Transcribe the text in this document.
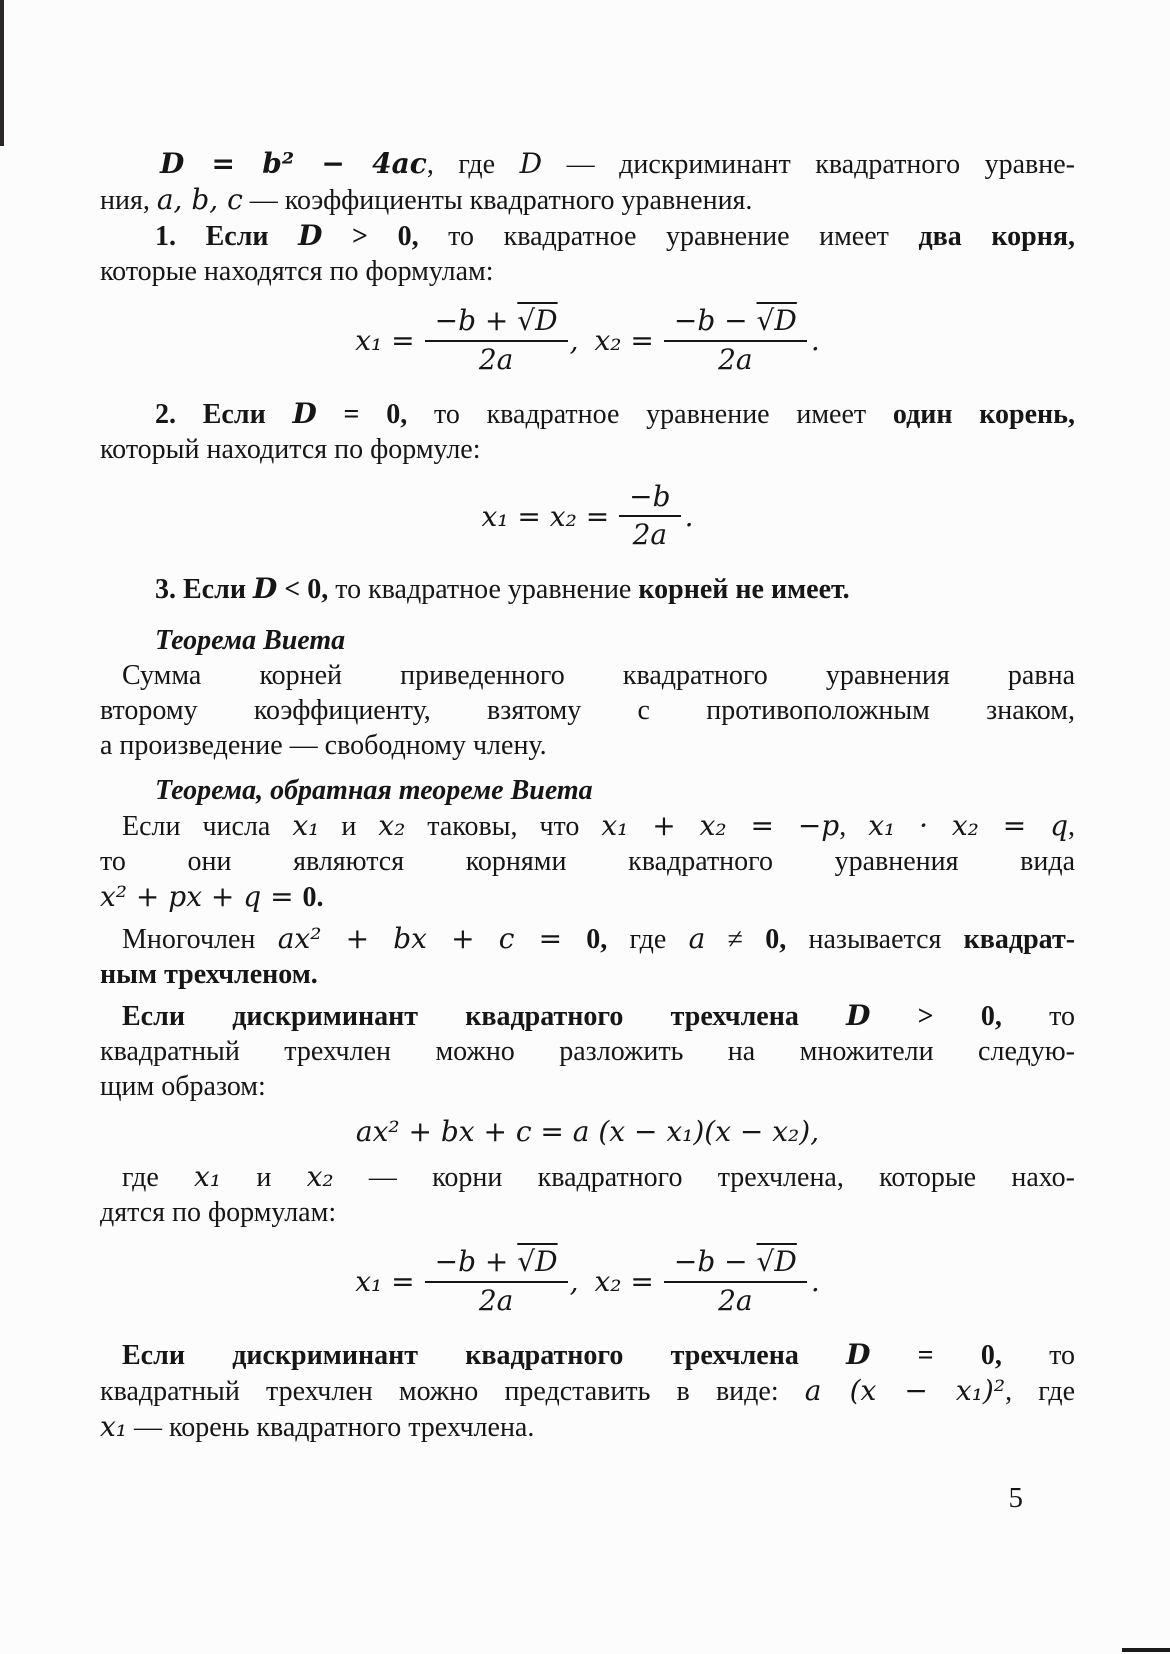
D = b² − 4ac, где D — дискриминант квадратного уравне-
ния, a, b, c — коэффициенты квадратного уравнения.
1. Если D > 0, то квадратное уравнение имеет два корня,
которые находятся по формулам:
$x_1 = \frac{-b + √D}{2a}$ , $x_2 = \frac{-b - √D}{2a}$ .
2. Если D = 0, то квадратное уравнение имеет один корень,
который находится по формуле:
$x_1 = x_2 = \frac{-b}{2a}$ .
3. Если D < 0, то квадратное уравнение корней не имеет.
Теорема Виета
Сумма корней приведенного квадратного уравнения равна
второму коэффициенту, взятому с противоположным знаком,
а произведение — свободному члену.
Теорема, обратная теореме Виета
Если числа x₁ и x₂ таковы, что x₁ + x₂ = −p, x₁ · x₂ = q,
то они являются корнями квадратного уравнения вида
x² + px + q = 0.
Многочлен ax² + bx + c = 0, где a ≠ 0, называется квадрат-
ным трехчленом.
Если дискриминант квадратного трехчлена D > 0, то
квадратный трехчлен можно разложить на множители следую-
щим образом:
ax² + bx + c = a (x − x₁)(x − x₂),
где x₁ и x₂ — корни квадратного трехчлена, которые нахо-
дятся по формулам:
$x_1 = \frac{-b + √D}{2a}$ , $x_2 = \frac{-b - √D}{2a}$ .
Если дискриминант квадратного трехчлена D = 0, то
квадратный трехчлен можно представить в виде: a (x − x₁)², где
x₁ — корень квадратного трехчлена.
5
